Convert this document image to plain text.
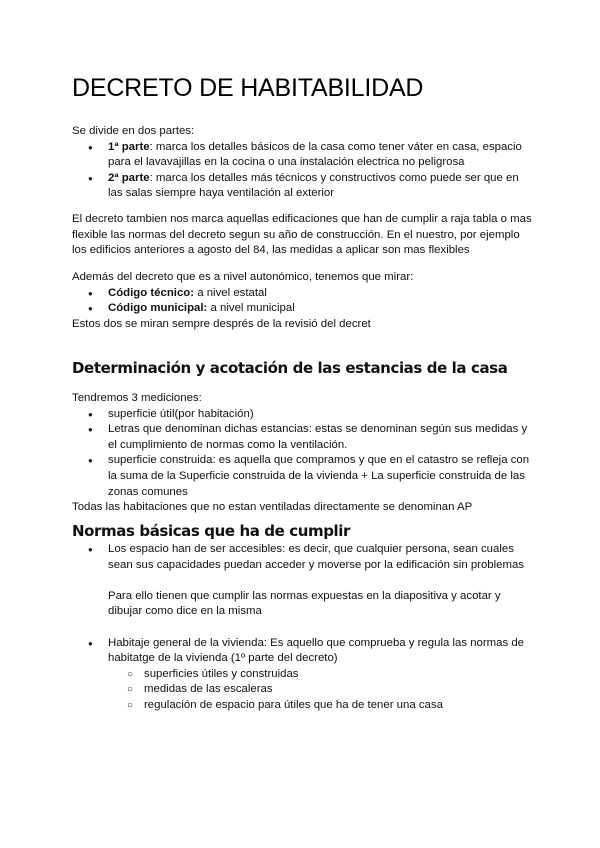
DECRETO DE HABITABILIDAD

Se divide en dos partes:

● 1ª parte: marca los detalles básicos de la casa como tener váter en casa, espacio para el lavavajillas en la cocina o una instalación electrica no peligrosa
● 2ª parte: marca los detalles más técnicos y constructivos como puede ser que en las salas siempre haya ventilación al exterior

El decreto tambien nos marca aquellas edificaciones que han de cumplir a raja tabla o mas flexible las normas del decreto segun su año de construcción. En el nuestro, por ejemplo los edificios anteriores a agosto del 84, las medidas a aplicar son mas flexibles

Además del decreto que es a nivel autonómico, tenemos que mirar:

● Código técnico: a nivel estatal
● Código municipal: a nivel municipal

Estos dos se miran sempre després de la revisió del decret

Determinación y acotación de las estancias de la casa

Tendremos 3 mediciones:

● superficie útil(por habitación)
● Letras que denominan dichas estancias: estas se denominan según sus medidas y el cumplimiento de normas como la ventilación.
● superficie construida: es aquella que compramos y que en el catastro se refleja con la suma de la Superficie construida de la vivienda + La superficie construida de las zonas comunes

Todas las habitaciones que no estan ventiladas directamente se denominan AP

Normas básicas que ha de cumplir
● Los espacio han de ser accesibles: es decir, que cualquier persona, sean cuales sean sus capacidades puedan acceder y moverse por la edificación sin problemas

Para ello tienen que cumplir las normas expuestas en la diapositiva y acotar y dibujar como dice en la misma

● Habitaje general de la vivienda: Es aquello que comprueba y regula las normas de habitatge de la vivienda (1º parte del decreto)
○ superficies útiles y construidas
○ medidas de las escaleras
○ regulación de espacio para útiles que ha de tener una casa
